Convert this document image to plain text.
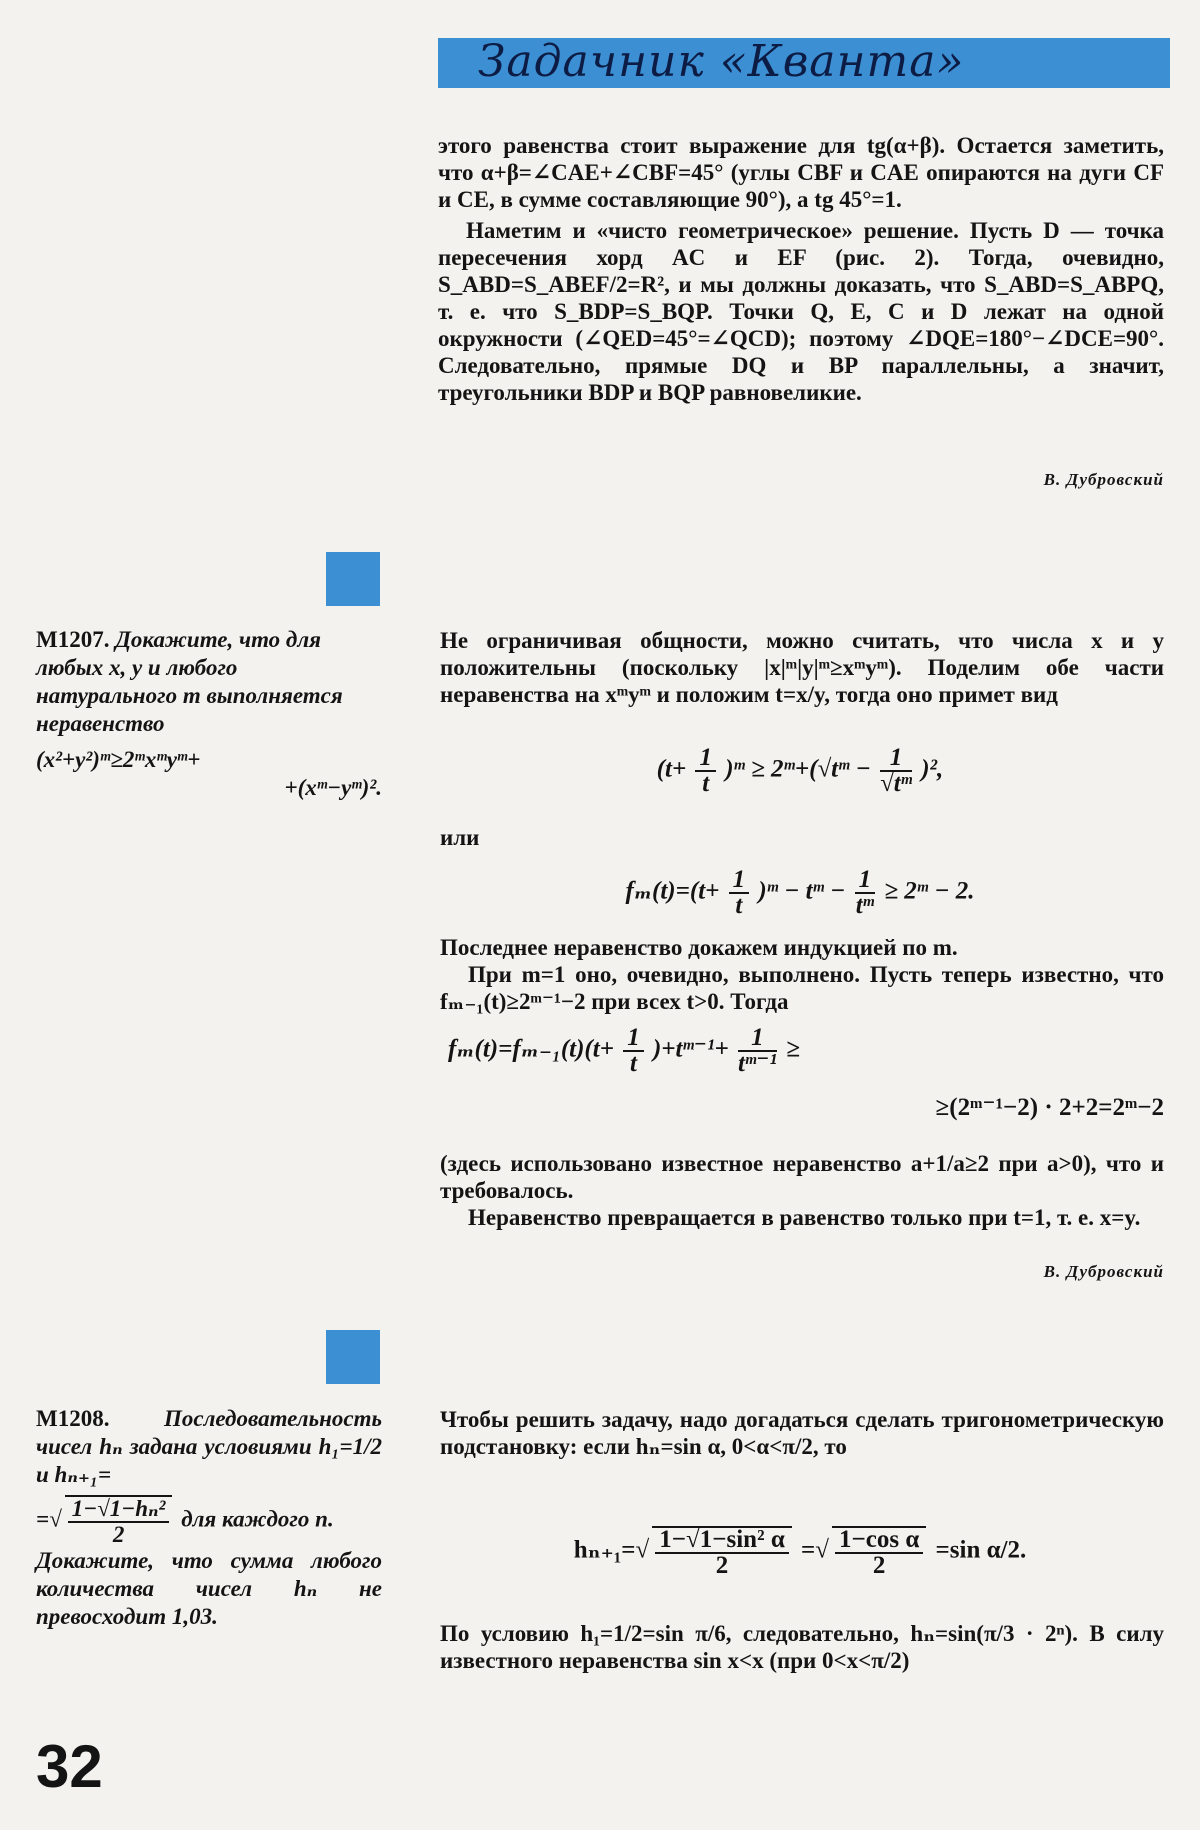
Задачник «Кванта»

этого равенства стоит выражение для tg(α+β). Остается заметить, что α+β=∠CAE+∠CBF=45° (углы CBF и CAE опираются на дуги CF и CE, в сумме составляющие 90°), а tg 45°=1.

Наметим и «чисто геометрическое» решение. Пусть D — точка пересечения хорд AC и EF (рис. 2). Тогда, очевидно, S_ABD=S_ABEF/2=R², и мы должны доказать, что S_ABD=S_ABPQ, т. е. что S_BDP=S_BQP. Точки Q, E, C и D лежат на одной окружности (∠QED=45°=∠QCD); поэтому ∠DQE=180°−∠DCE=90°. Следовательно, прямые DQ и BP параллельны, а значит, треугольники BDP и BQP равновеликие.

В. Дубровский
М1207. Докажите, что для любых x, y и любого натурального m выполняется неравенство
(x²+y²)ᵐ≥2ᵐxᵐyᵐ+
+(xᵐ−yᵐ)².
Не ограничивая общности, можно считать, что числа x и y положительны (поскольку |x|ᵐ|y|ᵐ≥xᵐyᵐ). Поделим обе части неравенства на xᵐyᵐ и положим t=x/y, тогда оно примет вид
($t+ \frac{1}{t}$ )ᵐ ≥ 2ᵐ+(√tᵐ − $\frac{1}{\text{√tᵐ}} )^2$,
или
$f_m(t)=(t+ \frac{1}{t}$ )ᵐ − tᵐ − $\frac{1}{\text{tᵐ}}$ ≥ 2ᵐ − 2.

Последнее неравенство докажем индукцией по m.

При m=1 оно, очевидно, выполнено. Пусть теперь известно, что fₘ₋₁(t)≥2ᵐ⁻¹−2 при всех t>0. Тогда

$f_m(t)=f_{m-1}(t)(t+ \frac{1}{t}$ )+tᵐ⁻¹+ $\frac{1}{\text{tᵐ⁻¹}}$ ≥
≥(2ᵐ⁻¹−2) · 2+2=2ᵐ−2

(здесь использовано известное неравенство a+1/a≥2 при a>0), что и требовалось.

Неравенство превращается в равенство только при t=1, т. е. x=y.

В. Дубровский
М1208. Последовательность чисел hₙ задана условиями h₁=1/2 и hₙ₊₁=
=√ $\frac{\text{1−√1−hₙ²}}{2}$ для каждого n.
Докажите, что сумма любого количества чисел hₙ не превосходит 1,03.
Чтобы решить задачу, надо догадаться сделать тригонометрическую подстановку: если hₙ=sin α, 0<α<π/2, то
$h_{n+1}=√ \frac{\text{1−√1−sin² α}}{2}$ =√ $\frac{\text{1−cos α}}{2} =\sin$ α/2.
По условию h₁=1/2=sin π/6, следовательно, hₙ=sin(π/3 · 2ⁿ). В силу известного неравенства sin x<x (при 0<x<π/2)
32
